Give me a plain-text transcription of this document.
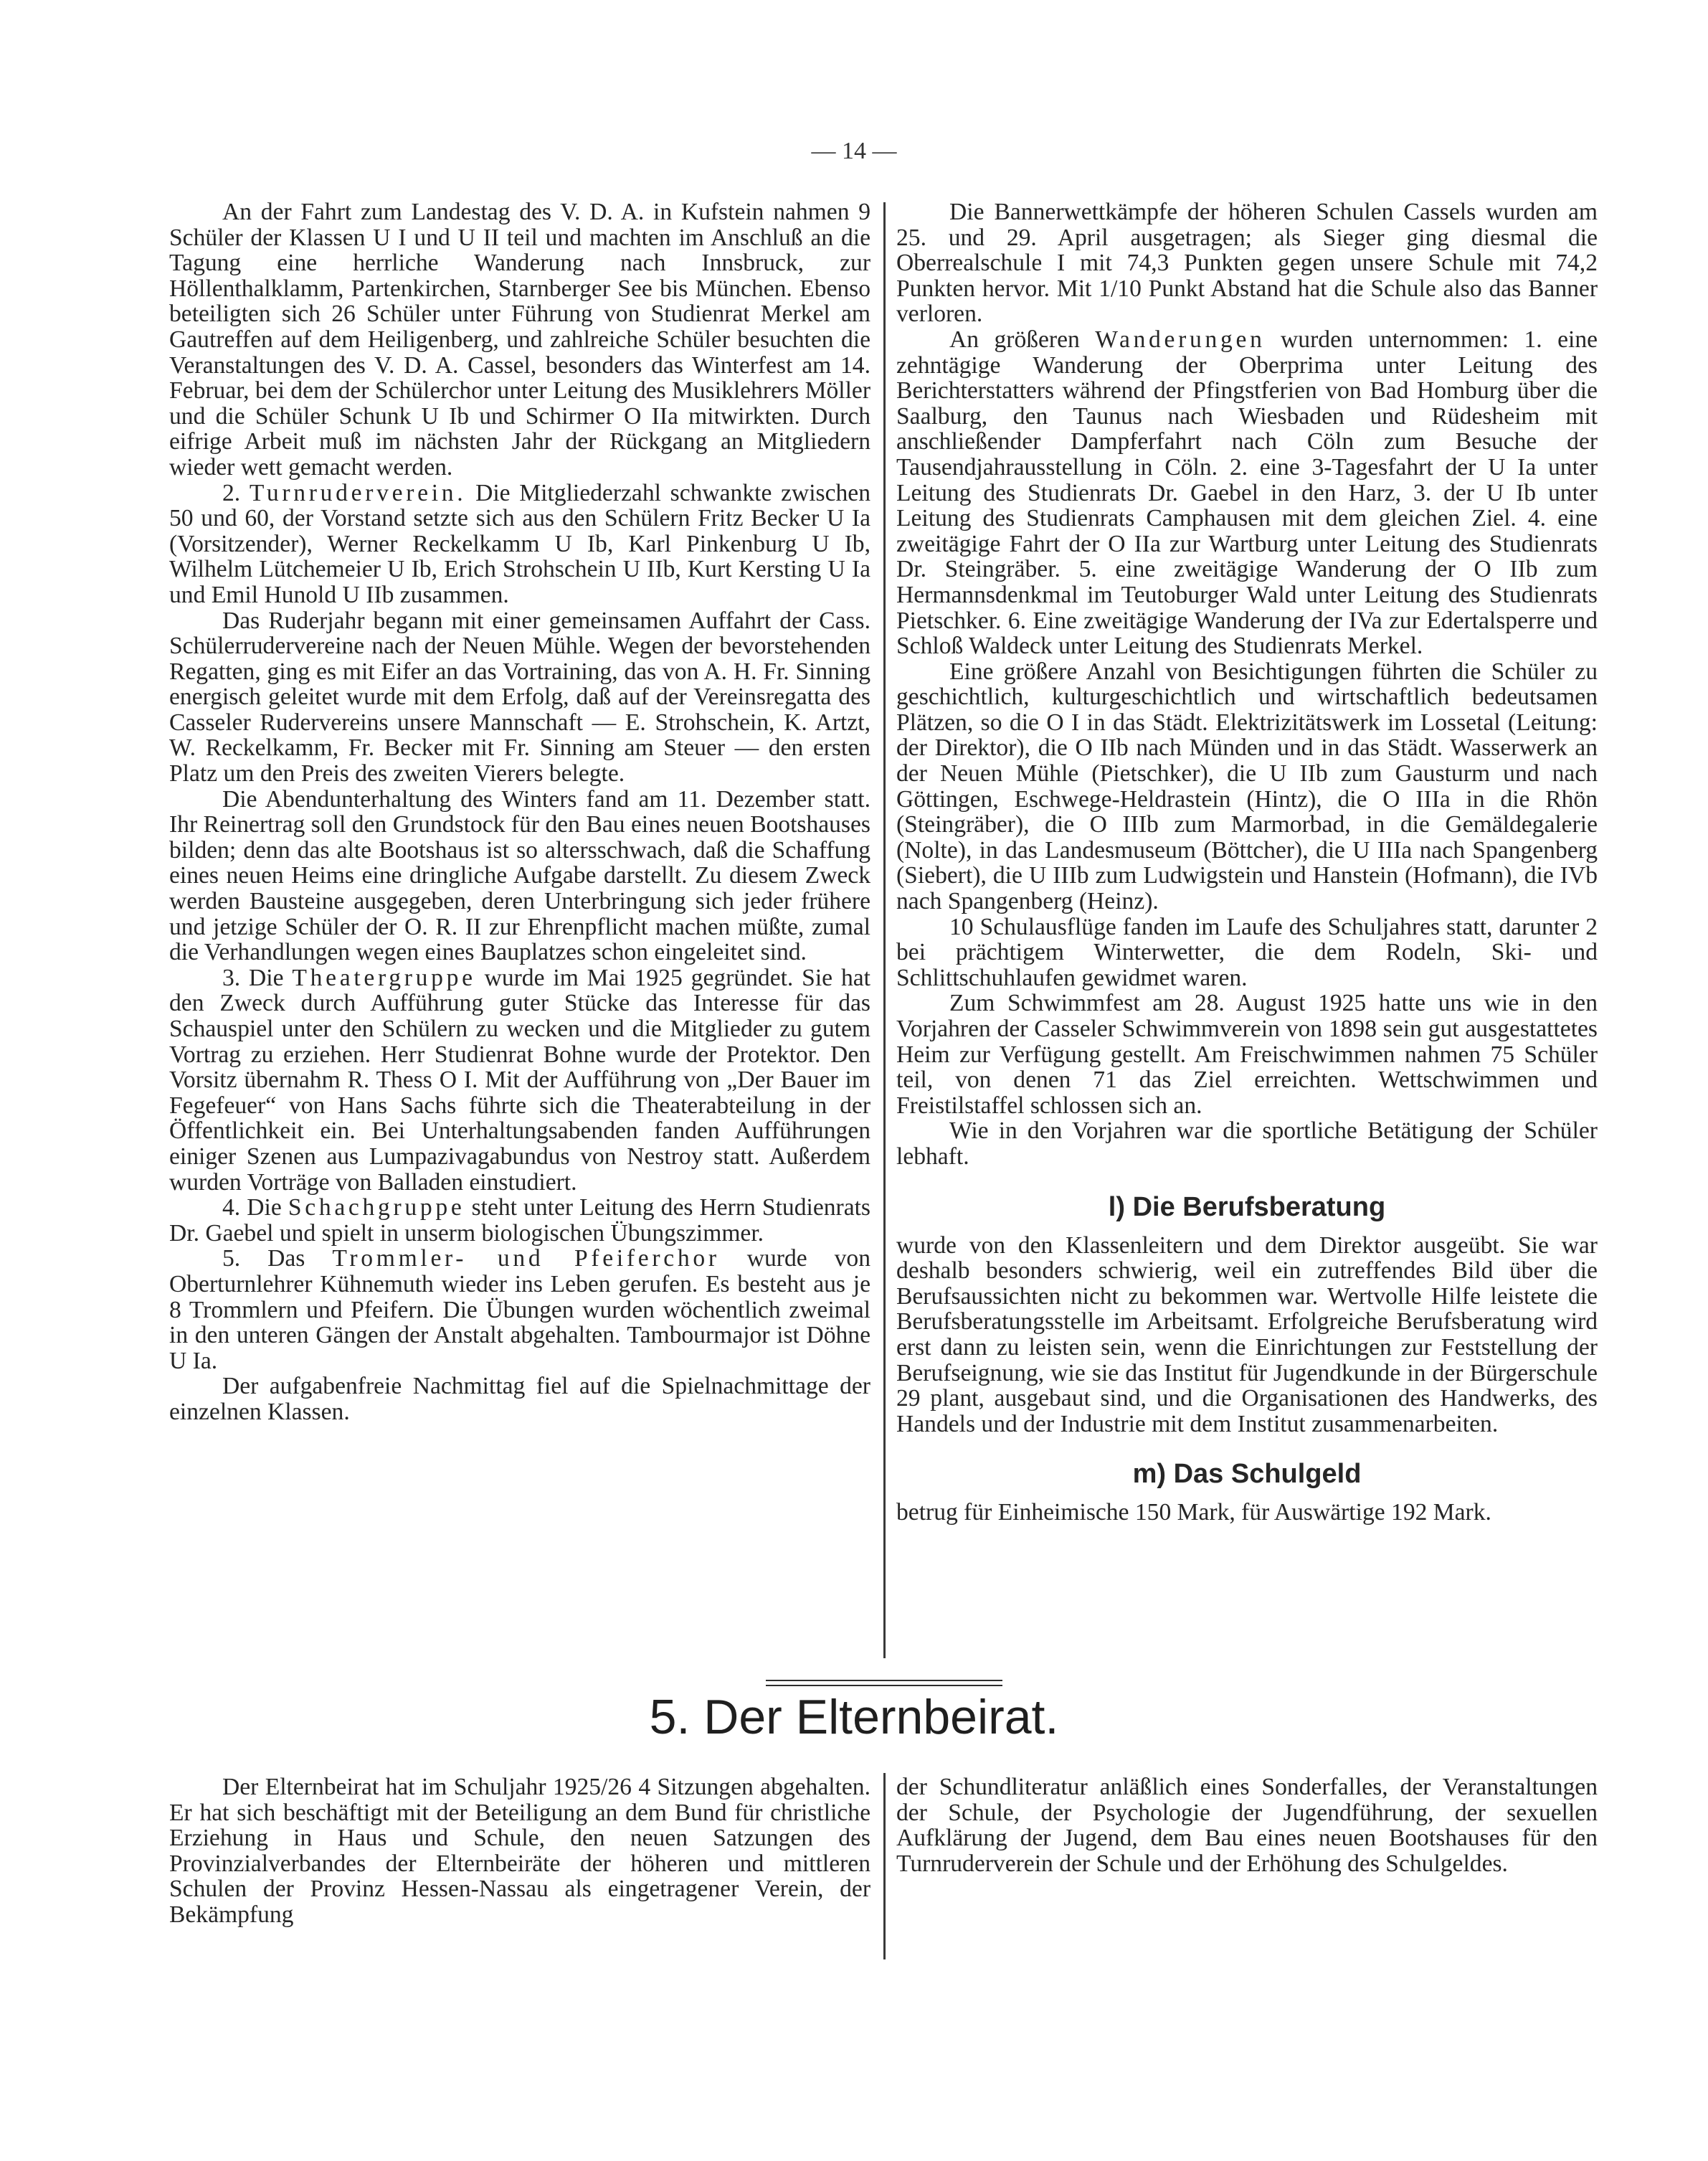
— 14 —

An der Fahrt zum Landestag des V. D. A. in Kufstein nahmen 9 Schüler der Klassen U I und U II teil und machten im Anschluß an die Tagung eine herrliche Wanderung nach Innsbruck, zur Höllenthalklamm, Partenkirchen, Starnberger See bis München. Ebenso beteiligten sich 26 Schüler unter Führung von Studienrat Merkel am Gautreffen auf dem Heiligenberg, und zahlreiche Schüler besuchten die Veranstaltungen des V. D. A. Cassel, besonders das Winterfest am 14. Februar, bei dem der Schülerchor unter Leitung des Musiklehrers Möller und die Schüler Schunk U Ib und Schirmer O IIa mitwirkten. Durch eifrige Arbeit muß im nächsten Jahr der Rückgang an Mitgliedern wieder wett gemacht werden.

2. Turnruderverein. Die Mitgliederzahl schwankte zwischen 50 und 60, der Vorstand setzte sich aus den Schülern Fritz Becker U Ia (Vorsitzender), Werner Reckelkamm U Ib, Karl Pinkenburg U Ib, Wilhelm Lütchemeier U Ib, Erich Strohschein U IIb, Kurt Kersting U Ia und Emil Hunold U IIb zusammen.

Das Ruderjahr begann mit einer gemeinsamen Auffahrt der Cass. Schülerrudervereine nach der Neuen Mühle. Wegen der bevorstehenden Regatten, ging es mit Eifer an das Vortraining, das von A. H. Fr. Sinning energisch geleitet wurde mit dem Erfolg, daß auf der Vereinsregatta des Casseler Rudervereins unsere Mannschaft — E. Strohschein, K. Artzt, W. Reckelkamm, Fr. Becker mit Fr. Sinning am Steuer — den ersten Platz um den Preis des zweiten Vierers belegte.

Die Abendunterhaltung des Winters fand am 11. Dezember statt. Ihr Reinertrag soll den Grundstock für den Bau eines neuen Bootshauses bilden; denn das alte Bootshaus ist so altersschwach, daß die Schaffung eines neuen Heims eine dringliche Aufgabe darstellt. Zu diesem Zweck werden Bausteine ausgegeben, deren Unterbringung sich jeder frühere und jetzige Schüler der O. R. II zur Ehrenpflicht machen müßte, zumal die Verhandlungen wegen eines Bauplatzes schon eingeleitet sind.

3. Die Theatergruppe wurde im Mai 1925 gegründet. Sie hat den Zweck durch Aufführung guter Stücke das Interesse für das Schauspiel unter den Schülern zu wecken und die Mitglieder zu gutem Vortrag zu erziehen. Herr Studienrat Bohne wurde der Protektor. Den Vorsitz übernahm R. Thess O I. Mit der Aufführung von „Der Bauer im Fegefeuer“ von Hans Sachs führte sich die Theaterabteilung in der Öffentlichkeit ein. Bei Unterhaltungsabenden fanden Aufführungen einiger Szenen aus Lumpazivagabundus von Nestroy statt. Außerdem wurden Vorträge von Balladen einstudiert.

4. Die Schachgruppe steht unter Leitung des Herrn Studienrats Dr. Gaebel und spielt in unserm biologischen Übungszimmer.

5. Das Trommler- und Pfeiferchor wurde von Oberturnlehrer Kühnemuth wieder ins Leben gerufen. Es besteht aus je 8 Trommlern und Pfeifern. Die Übungen wurden wöchentlich zweimal in den unteren Gängen der Anstalt abgehalten. Tambourmajor ist Döhne U Ia.

Der aufgabenfreie Nachmittag fiel auf die Spielnachmittage der einzelnen Klassen.

Die Bannerwettkämpfe der höheren Schulen Cassels wurden am 25. und 29. April ausgetragen; als Sieger ging diesmal die Oberrealschule I mit 74,3 Punkten gegen unsere Schule mit 74,2 Punkten hervor. Mit 1/10 Punkt Abstand hat die Schule also das Banner verloren.

An größeren Wanderungen wurden unternommen: 1. eine zehntägige Wanderung der Oberprima unter Leitung des Berichterstatters während der Pfingstferien von Bad Homburg über die Saalburg, den Taunus nach Wiesbaden und Rüdesheim mit anschließender Dampferfahrt nach Cöln zum Besuche der Tausendjahrausstellung in Cöln. 2. eine 3-Tagesfahrt der U Ia unter Leitung des Studienrats Dr. Gaebel in den Harz, 3. der U Ib unter Leitung des Studienrats Camphausen mit dem gleichen Ziel. 4. eine zweitägige Fahrt der O IIa zur Wartburg unter Leitung des Studienrats Dr. Steingräber. 5. eine zweitägige Wanderung der O IIb zum Hermannsdenkmal im Teutoburger Wald unter Leitung des Studienrats Pietschker. 6. Eine zweitägige Wanderung der IVa zur Edertalsperre und Schloß Waldeck unter Leitung des Studienrats Merkel.

Eine größere Anzahl von Besichtigungen führten die Schüler zu geschichtlich, kulturgeschichtlich und wirtschaftlich bedeutsamen Plätzen, so die O I in das Städt. Elektrizitätswerk im Lossetal (Leitung: der Direktor), die O IIb nach Münden und in das Städt. Wasserwerk an der Neuen Mühle (Pietschker), die U IIb zum Gausturm und nach Göttingen, Eschwege-Heldrastein (Hintz), die O IIIa in die Rhön (Steingräber), die O IIIb zum Marmorbad, in die Gemäldegalerie (Nolte), in das Landesmuseum (Böttcher), die U IIIa nach Spangenberg (Siebert), die U IIIb zum Ludwigstein und Hanstein (Hofmann), die IVb nach Spangenberg (Heinz).

10 Schulausflüge fanden im Laufe des Schuljahres statt, darunter 2 bei prächtigem Winterwetter, die dem Rodeln, Ski- und Schlittschuhlaufen gewidmet waren.

Zum Schwimmfest am 28. August 1925 hatte uns wie in den Vorjahren der Casseler Schwimmverein von 1898 sein gut ausgestattetes Heim zur Verfügung gestellt. Am Freischwimmen nahmen 75 Schüler teil, von denen 71 das Ziel erreichten. Wettschwimmen und Freistilstaffel schlossen sich an.

Wie in den Vorjahren war die sportliche Betätigung der Schüler lebhaft.

l) Die Berufsberatung

wurde von den Klassenleitern und dem Direktor ausgeübt. Sie war deshalb besonders schwierig, weil ein zutreffendes Bild über die Berufsaussichten nicht zu bekommen war. Wertvolle Hilfe leistete die Berufsberatungsstelle im Arbeitsamt. Erfolgreiche Berufsberatung wird erst dann zu leisten sein, wenn die Einrichtungen zur Feststellung der Berufseignung, wie sie das Institut für Jugendkunde in der Bürgerschule 29 plant, ausgebaut sind, und die Organisationen des Handwerks, des Handels und der Industrie mit dem Institut zusammenarbeiten.

m) Das Schulgeld

betrug für Einheimische 150 Mark, für Auswärtige 192 Mark.

5. Der Elternbeirat.

Der Elternbeirat hat im Schuljahr 1925/26 4 Sitzungen abgehalten. Er hat sich beschäftigt mit der Beteiligung an dem Bund für christliche Erziehung in Haus und Schule, den neuen Satzungen des Provinzialverbandes der Elternbeiräte der höheren und mittleren Schulen der Provinz Hessen-Nassau als eingetragener Verein, der Bekämpfung

der Schundliteratur anläßlich eines Sonderfalles, der Veranstaltungen der Schule, der Psychologie der Jugendführung, der sexuellen Aufklärung der Jugend, dem Bau eines neuen Bootshauses für den Turnruderverein der Schule und der Erhöhung des Schulgeldes.
